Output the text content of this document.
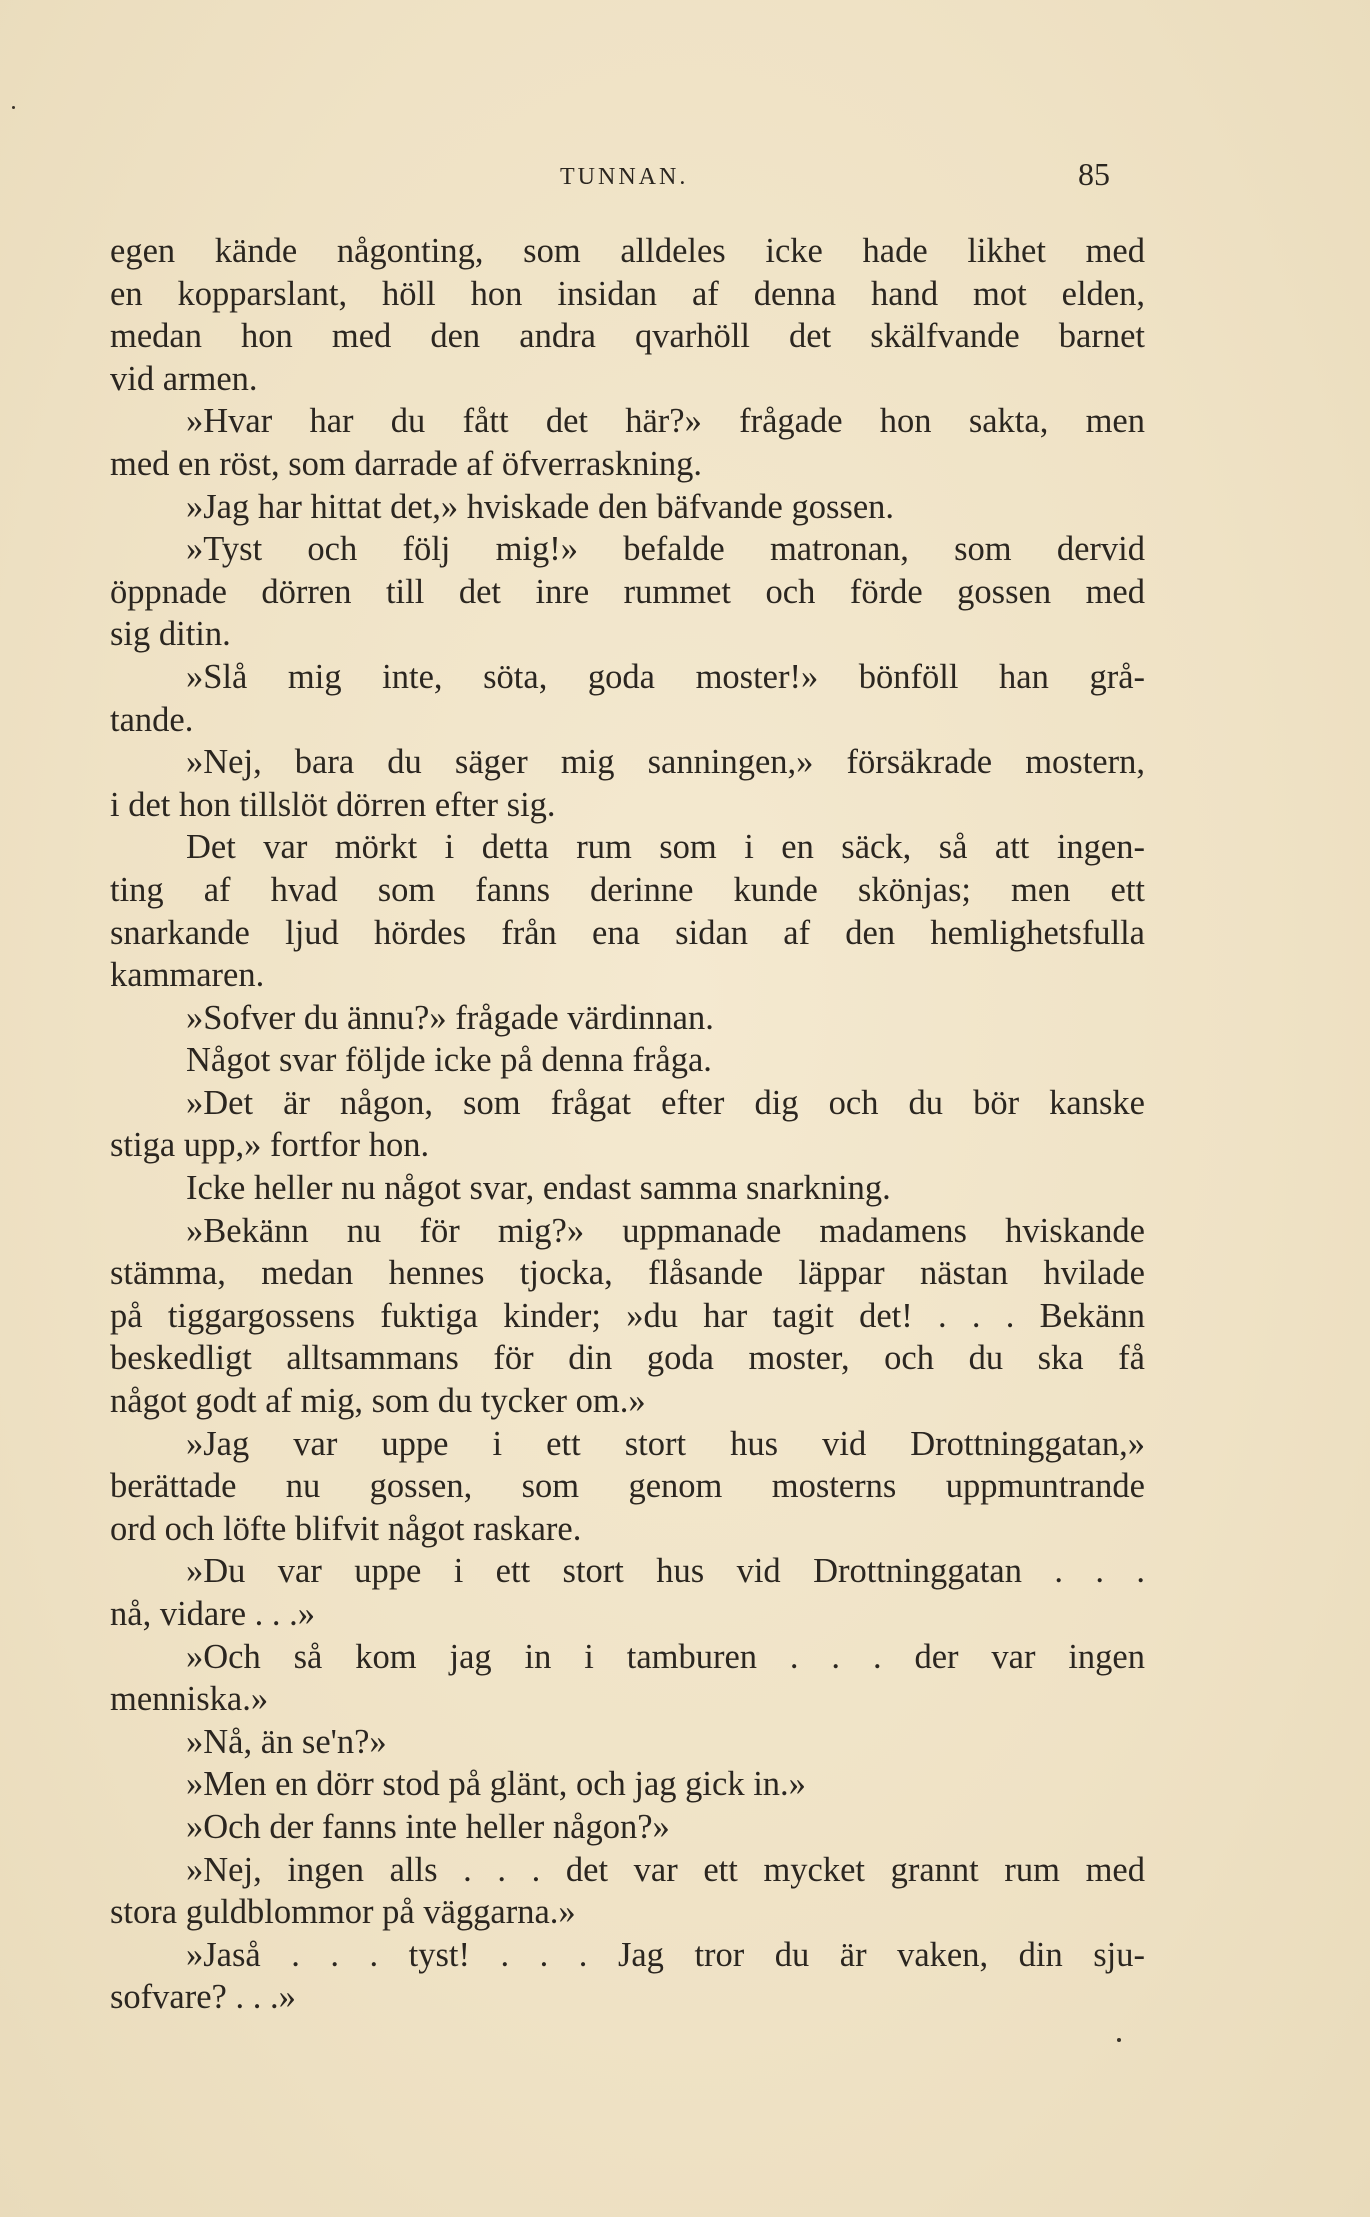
TUNNAN.	85
egen kände någonting, som alldeles icke hade likhet med
en kopparslant, höll hon insidan af denna hand mot elden,
medan hon med den andra qvarhöll det skälfvande barnet
vid armen.
»Hvar har du fått det här?» frågade hon sakta, men
med en röst, som darrade af öfverraskning.
»Jag har hittat det,» hviskade den bäfvande gossen.
»Tyst och följ mig!» befalde matronan, som dervid
öppnade dörren till det inre rummet och förde gossen med
sig ditin.
»Slå mig inte, söta, goda moster!» bönföll han grå-
tande.
»Nej, bara du säger mig sanningen,» försäkrade mostern,
i det hon tillslöt dörren efter sig.
Det var mörkt i detta rum som i en säck, så att ingen-
ting af hvad som fanns derinne kunde skönjas; men ett
snarkande ljud hördes från ena sidan af den hemlighetsfulla
kammaren.
»Sofver du ännu?» frågade värdinnan.
Något svar följde icke på denna fråga.
»Det är någon, som frågat efter dig och du bör kanske
stiga upp,» fortfor hon.
Icke heller nu något svar, endast samma snarkning.
»Bekänn nu för mig?» uppmanade madamens hviskande
stämma, medan hennes tjocka, flåsande läppar nästan hvilade
på tiggargossens fuktiga kinder; »du har tagit det! . . . Bekänn
beskedligt alltsammans för din goda moster, och du ska få
något godt af mig, som du tycker om.»
»Jag var uppe i ett stort hus vid Drottninggatan,»
berättade nu gossen, som genom mosterns uppmuntrande
ord och löfte blifvit något raskare.
»Du var uppe i ett stort hus vid Drottninggatan . . .
nå, vidare . . .»
»Och så kom jag in i tamburen . . . der var ingen
menniska.»
»Nå, än se'n?»
»Men en dörr stod på glänt, och jag gick in.»
»Och der fanns inte heller någon?»
»Nej, ingen alls . . . det var ett mycket grannt rum med
stora guldblommor på väggarna.»
»Jaså . . . tyst! . . . Jag tror du är vaken, din sju-
sofvare? . . .»
